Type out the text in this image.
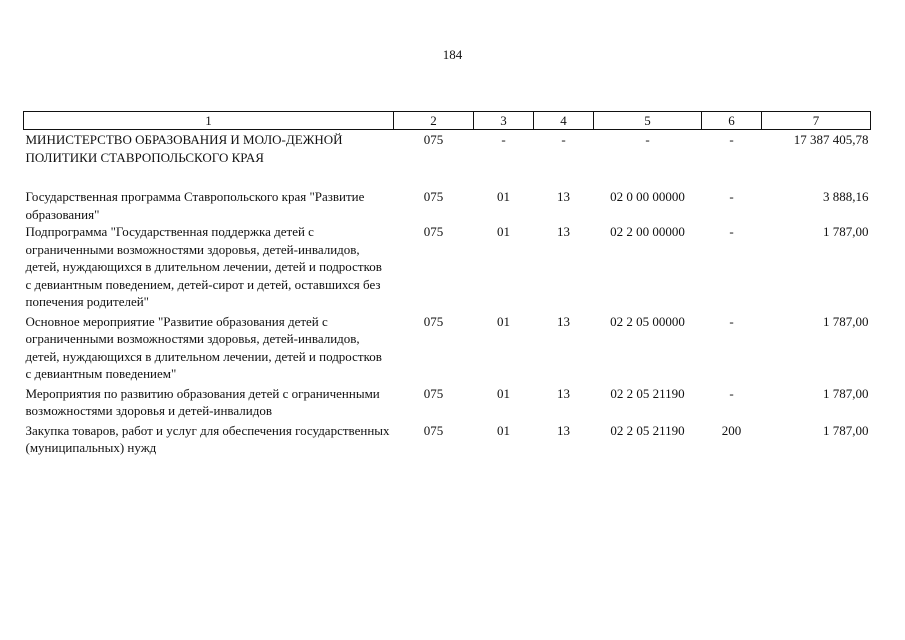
184
1	2	3	4	5	6	7
МИНИСТЕРСТВО ОБРАЗОВАНИЯ И МОЛО-ДЕЖНОЙ ПОЛИТИКИ СТАВРОПОЛЬСКОГО КРАЯ	075	-	-	-	-	17 387 405,78

Государственная программа Ставропольского края "Развитие образования"	075	01	13	02 0 00 00000	-	3 888,16
Подпрограмма "Государственная поддержка детей с ограниченными возможностями здоровья, детей-инвалидов, детей, нуждающихся в длительном лечении, детей и подростков с девиантным поведением, детей-сирот и детей, оставшихся без попечения родителей"	075	01	13	02 2 00 00000	-	1 787,00
Основное мероприятие "Развитие образования детей с ограниченными возможностями здоровья, детей-инвалидов, детей, нуждающихся в длительном лечении, детей и подростков с девиантным поведением"	075	01	13	02 2 05 00000	-	1 787,00
Мероприятия по развитию образования детей с ограниченными возможностями здоровья и детей-инвалидов	075	01	13	02 2 05 21190	-	1 787,00
Закупка товаров, работ и услуг для обеспечения государственных (муниципальных) нужд	075	01	13	02 2 05 21190	200	1 787,00
